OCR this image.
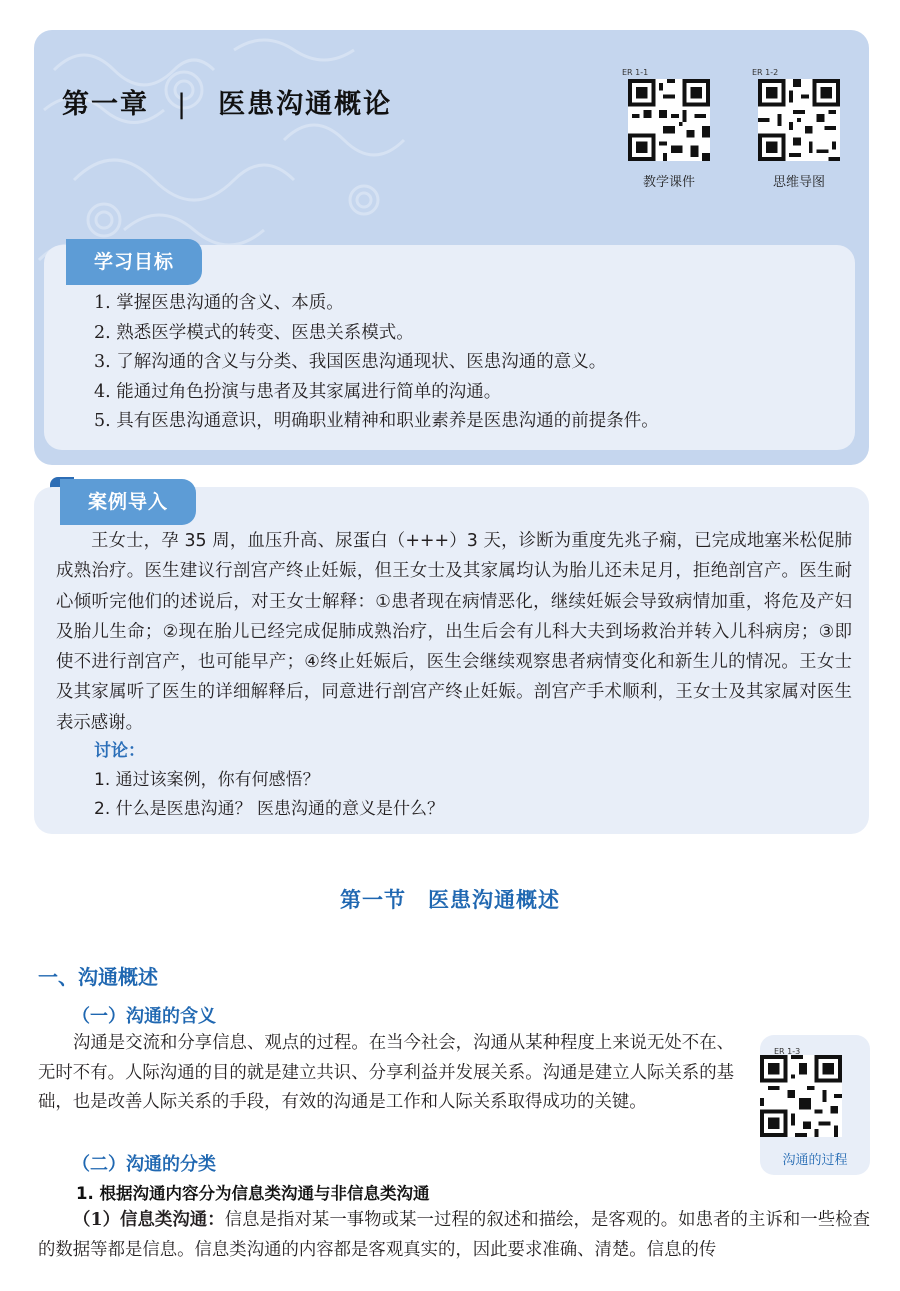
第一章 | 医患沟通概论
ER 1-1
教学课件
ER 1-2
思维导图
学习目标
1. 掌握医患沟通的含义、本质。
2. 熟悉医学模式的转变、医患关系模式。
3. 了解沟通的含义与分类、我国医患沟通现状、医患沟通的意义。
4. 能通过角色扮演与患者及其家属进行简单的沟通。
5. 具有医患沟通意识，明确职业精神和职业素养是医患沟通的前提条件。
案例导入

王女士，孕 35 周，血压升高、尿蛋白（+++）3 天，诊断为重度先兆子痫，已完成地塞米松促肺成熟治疗。医生建议行剖宫产终止妊娠，但王女士及其家属均认为胎儿还未足月，拒绝剖宫产。医生耐心倾听完他们的述说后，对王女士解释：①患者现在病情恶化，继续妊娠会导致病情加重，将危及产妇及胎儿生命；②现在胎儿已经完成促肺成熟治疗，出生后会有儿科大夫到场救治并转入儿科病房；③即使不进行剖宫产，也可能早产；④终止妊娠后，医生会继续观察患者病情变化和新生儿的情况。王女士及其家属听了医生的详细解释后，同意进行剖宫产终止妊娠。剖宫产手术顺利，王女士及其家属对医生表示感谢。

讨论：
1. 通过该案例，你有何感悟？
2. 什么是医患沟通？ 医患沟通的意义是什么？
第一节　医患沟通概述
一、沟通概述
（一）沟通的含义

沟通是交流和分享信息、观点的过程。在当今社会，沟通从某种程度上来说无处不在、无时不有。人际沟通的目的就是建立共识、分享利益并发展关系。沟通是建立人际关系的基础，也是改善人际关系的手段，有效的沟通是工作和人际关系取得成功的关键。

ER 1-3
沟通的过程
（二）沟通的分类
1. 根据沟通内容分为信息类沟通与非信息类沟通

（1）信息类沟通：信息是指对某一事物或某一过程的叙述和描绘，是客观的。如患者的主诉和一些检查的数据等都是信息。信息类沟通的内容都是客观真实的，因此要求准确、清楚。信息的传
